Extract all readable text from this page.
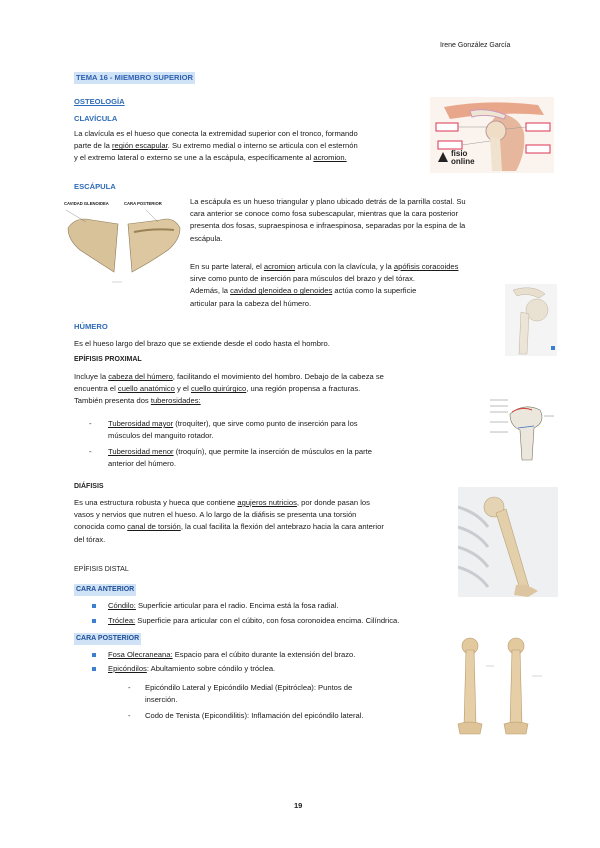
Irene González García
TEMA 16 - MIEMBRO SUPERIOR
OSTEOLOGÍA
CLAVÍCULA
La clavícula es el hueso que conecta la extremidad superior con el tronco, formando
parte de la región escapular. Su extremo medial o interno se articula con el esternón
y el extremo lateral o externo se une a la escápula, específicamente al acromion.	fisio
online
ESCÁPULA
CAVIDAD GLENOIDEA	CARA POSTERIOR	La escápula es un hueso triangular y plano ubicado detrás de la parrilla costal. Su
cara anterior se conoce como fosa subescapular, mientras que la cara posterior
presenta dos fosas, supraespinosa e infraespinosa, separadas por la espina de la
escápula.
En su parte lateral, el acromion articula con la clavícula, y la apófisis coracoides
sirve como punto de inserción para músculos del brazo y del tórax.
Además, la cavidad glenoidea o glenoides actúa como la superficie
articular para la cabeza del húmero.
HÚMERO
Es el hueso largo del brazo que se extiende desde el codo hasta el hombro.
EPÍFISIS PROXIMAL
Incluye la cabeza del húmero, facilitando el movimiento del hombro. Debajo de la cabeza se
encuentra el cuello anatómico y el cuello quirúrgico, una región propensa a fracturas.
También presenta dos tuberosidades:
- Tuberosidad mayor (troquíter), que sirve como punto de inserción para los
músculos del manguito rotador.
- Tuberosidad menor (troquín), que permite la inserción de músculos en la parte
anterior del húmero.
DIÁFISIS
Es una estructura robusta y hueca que contiene agujeros nutricios, por donde pasan los
vasos y nervios que nutren el hueso. A lo largo de la diáfisis se presenta una torsión
conocida como canal de torsión, la cual facilita la flexión del antebrazo hacia la cara anterior
del tórax.
EPÍFISIS DISTAL
CARA ANTERIOR
Cóndilo: Superficie articular para el radio. Encima está la fosa radial.
Tróclea: Superficie para articular con el cúbito, con fosa coronoidea encima. Cilíndrica.
CARA POSTERIOR
Fosa Olecraneana: Espacio para el cúbito durante la extensión del brazo.
Epicóndilos: Abultamiento sobre cóndilo y tróclea.
- Epicóndilo Lateral y Epicóndilo Medial (Epitróclea): Puntos de
inserción.
- Codo de Tenista (Epicondilitis): Inflamación del epicóndilo lateral.
19
